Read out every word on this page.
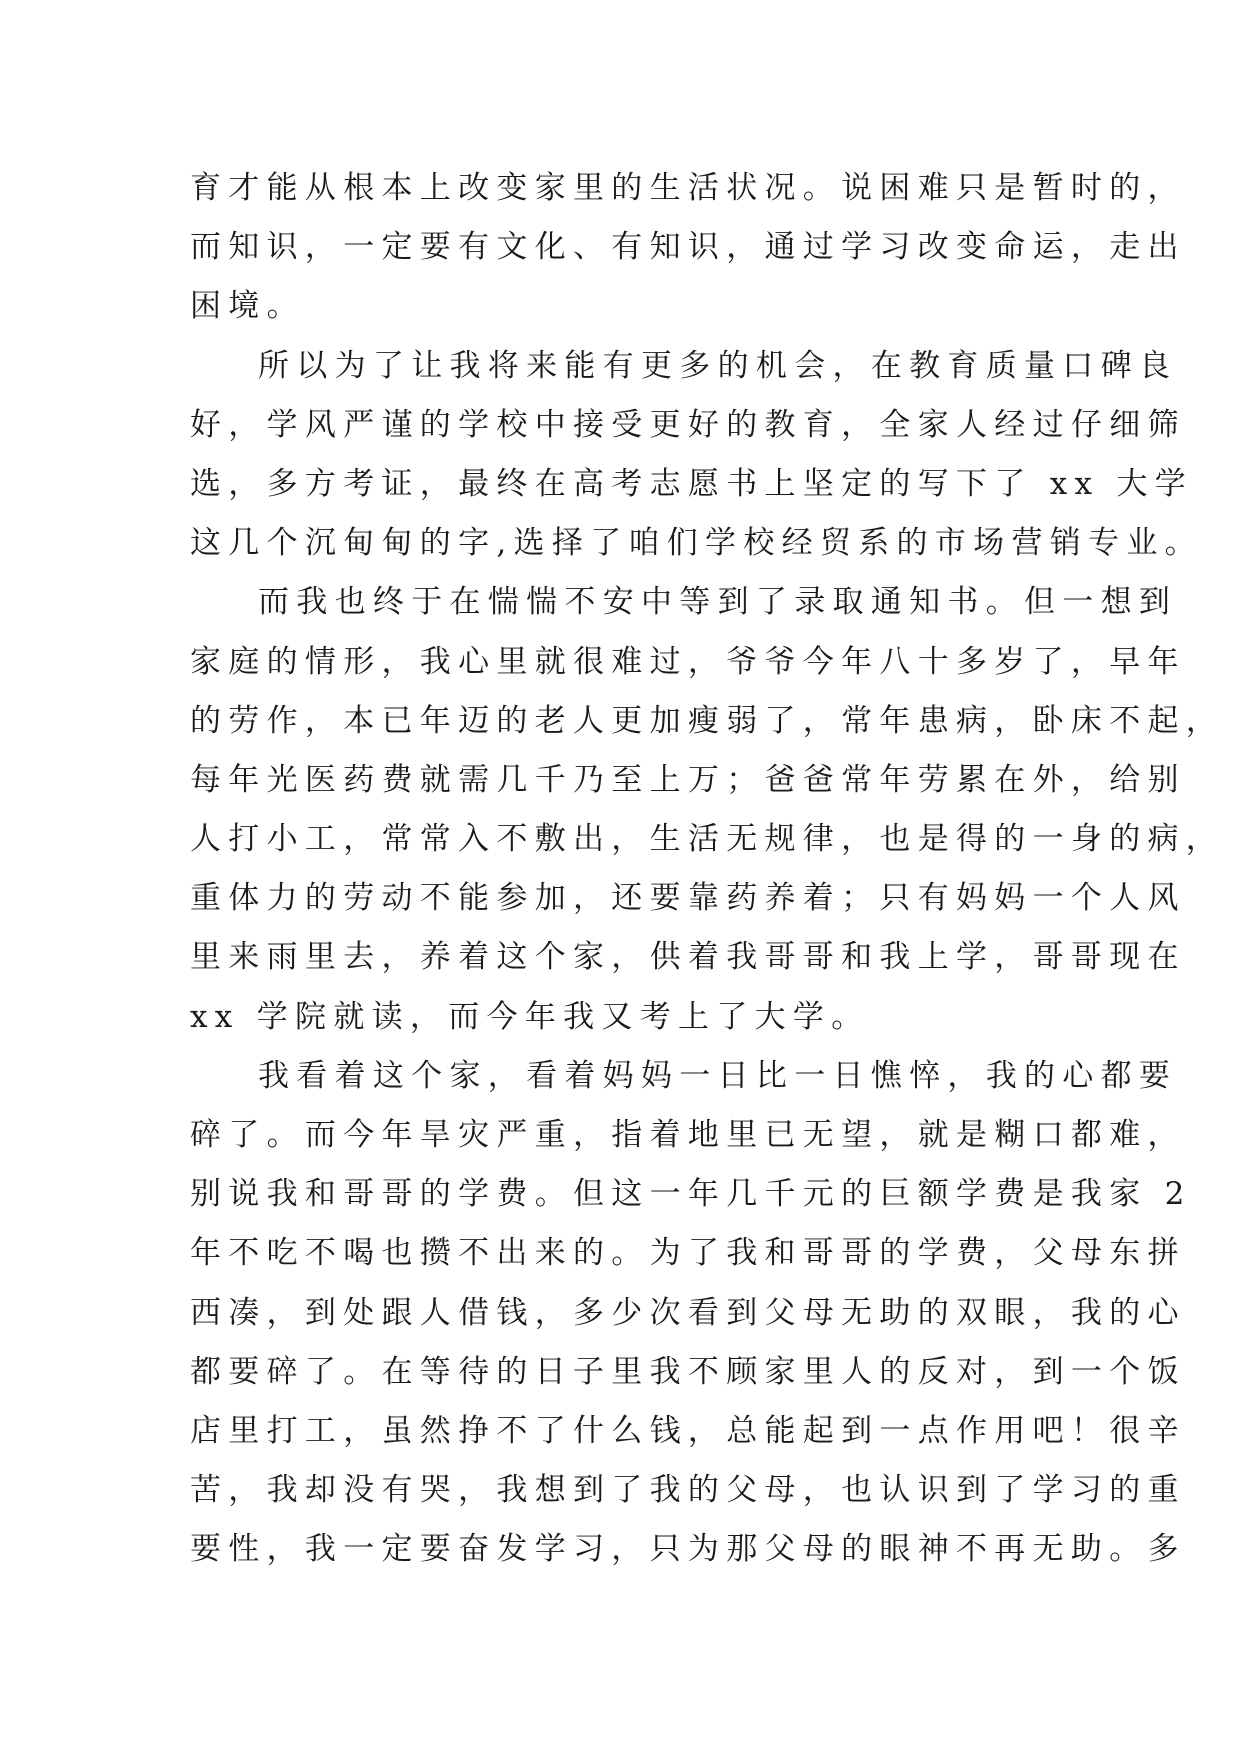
育才能从根本上改变家里的生活状况。说困难只是暂时的，
而知识，一定要有文化、有知识，通过学习改变命运，走出
困境。
所以为了让我将来能有更多的机会，在教育质量口碑良
好，学风严谨的学校中接受更好的教育，全家人经过仔细筛
选，多方考证，最终在高考志愿书上坚定的写下了 xx 大学
这几个沉甸甸的字,选择了咱们学校经贸系的市场营销专业。
而我也终于在惴惴不安中等到了录取通知书。但一想到
家庭的情形，我心里就很难过，爷爷今年八十多岁了，早年
的劳作，本已年迈的老人更加瘦弱了，常年患病，卧床不起，
每年光医药费就需几千乃至上万；爸爸常年劳累在外，给别
人打小工，常常入不敷出，生活无规律，也是得的一身的病，
重体力的劳动不能参加，还要靠药养着；只有妈妈一个人风
里来雨里去，养着这个家，供着我哥哥和我上学，哥哥现在
xx 学院就读，而今年我又考上了大学。
我看着这个家，看着妈妈一日比一日憔悴，我的心都要
碎了。而今年旱灾严重，指着地里已无望，就是糊口都难，
别说我和哥哥的学费。但这一年几千元的巨额学费是我家 2
年不吃不喝也攒不出来的。为了我和哥哥的学费，父母东拼
西凑，到处跟人借钱，多少次看到父母无助的双眼，我的心
都要碎了。在等待的日子里我不顾家里人的反对，到一个饭
店里打工，虽然挣不了什么钱，总能起到一点作用吧！很辛
苦，我却没有哭，我想到了我的父母，也认识到了学习的重
要性，我一定要奋发学习，只为那父母的眼神不再无助。多
